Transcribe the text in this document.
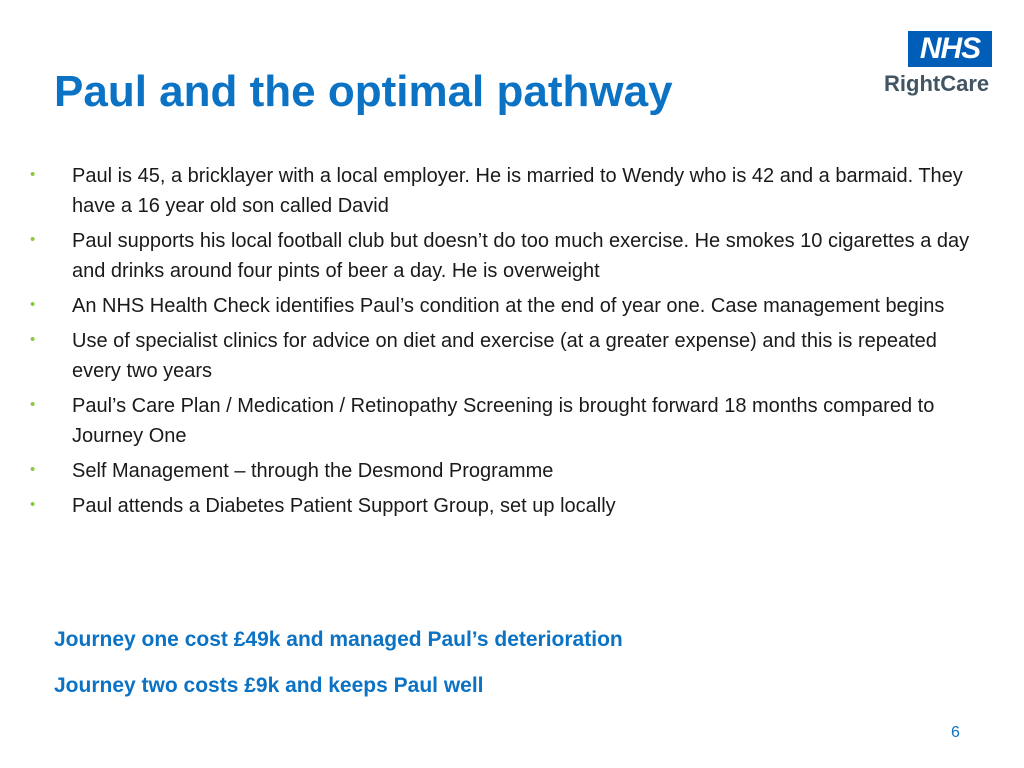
Paul and the optimal pathway
NHS
RightCare
•	Paul is 45, a bricklayer with a local employer. He is married to Wendy who is 42 and a barmaid. They have a 16 year old son called David
•	Paul supports his local football club but doesn’t do too much exercise. He smokes 10 cigarettes a day and drinks around four pints of beer a day. He is overweight
•	An NHS Health Check identifies Paul’s condition at the end of year one. Case management begins
•	Use of specialist clinics for advice on diet and exercise (at a greater expense) and this is repeated every two years
•	Paul’s Care Plan / Medication / Retinopathy Screening is brought forward 18 months compared to Journey One
•	Self Management – through the Desmond Programme
•	Paul attends a Diabetes Patient Support Group, set up locally

Journey one cost £49k and managed Paul’s deterioration

Journey two costs £9k and keeps Paul well

6
